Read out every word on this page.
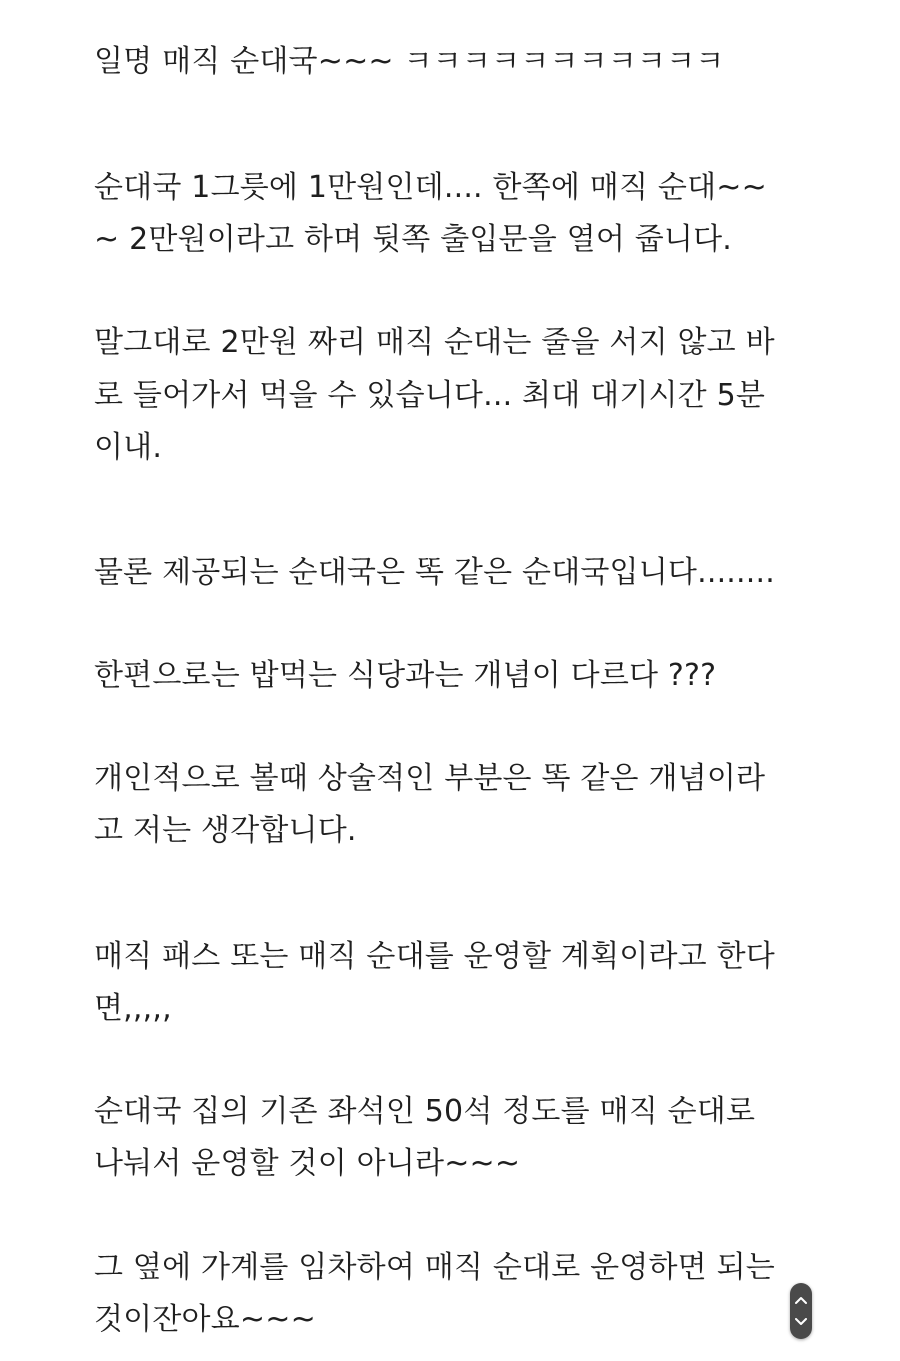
일명 매직 순대국~~~ ㅋㅋㅋㅋㅋㅋㅋㅋㅋㅋㅋ
순대국 1그릇에 1만원인데.... 한쪽에 매직 순대~~
~ 2만원이라고 하며 뒷쪽 출입문을 열어 줍니다.
말그대로 2만원 짜리 매직 순대는 줄을 서지 않고 바
로 들어가서 먹을 수 있습니다... 최대 대기시간 5분
이내.
물론 제공되는 순대국은 똑 같은 순대국입니다........
한편으로는 밥먹는 식당과는 개념이 다르다 ???
개인적으로 볼때 상술적인 부분은 똑 같은 개념이라
고 저는 생각합니다.
매직 패스 또는 매직 순대를 운영할 계획이라고 한다
면,,,,,
순대국 집의 기존 좌석인 50석 정도를 매직 순대로
나눠서 운영할 것이 아니라~~~
그 옆에 가계를 임차하여 매직 순대로 운영하면 되는
것이잔아요~~~
